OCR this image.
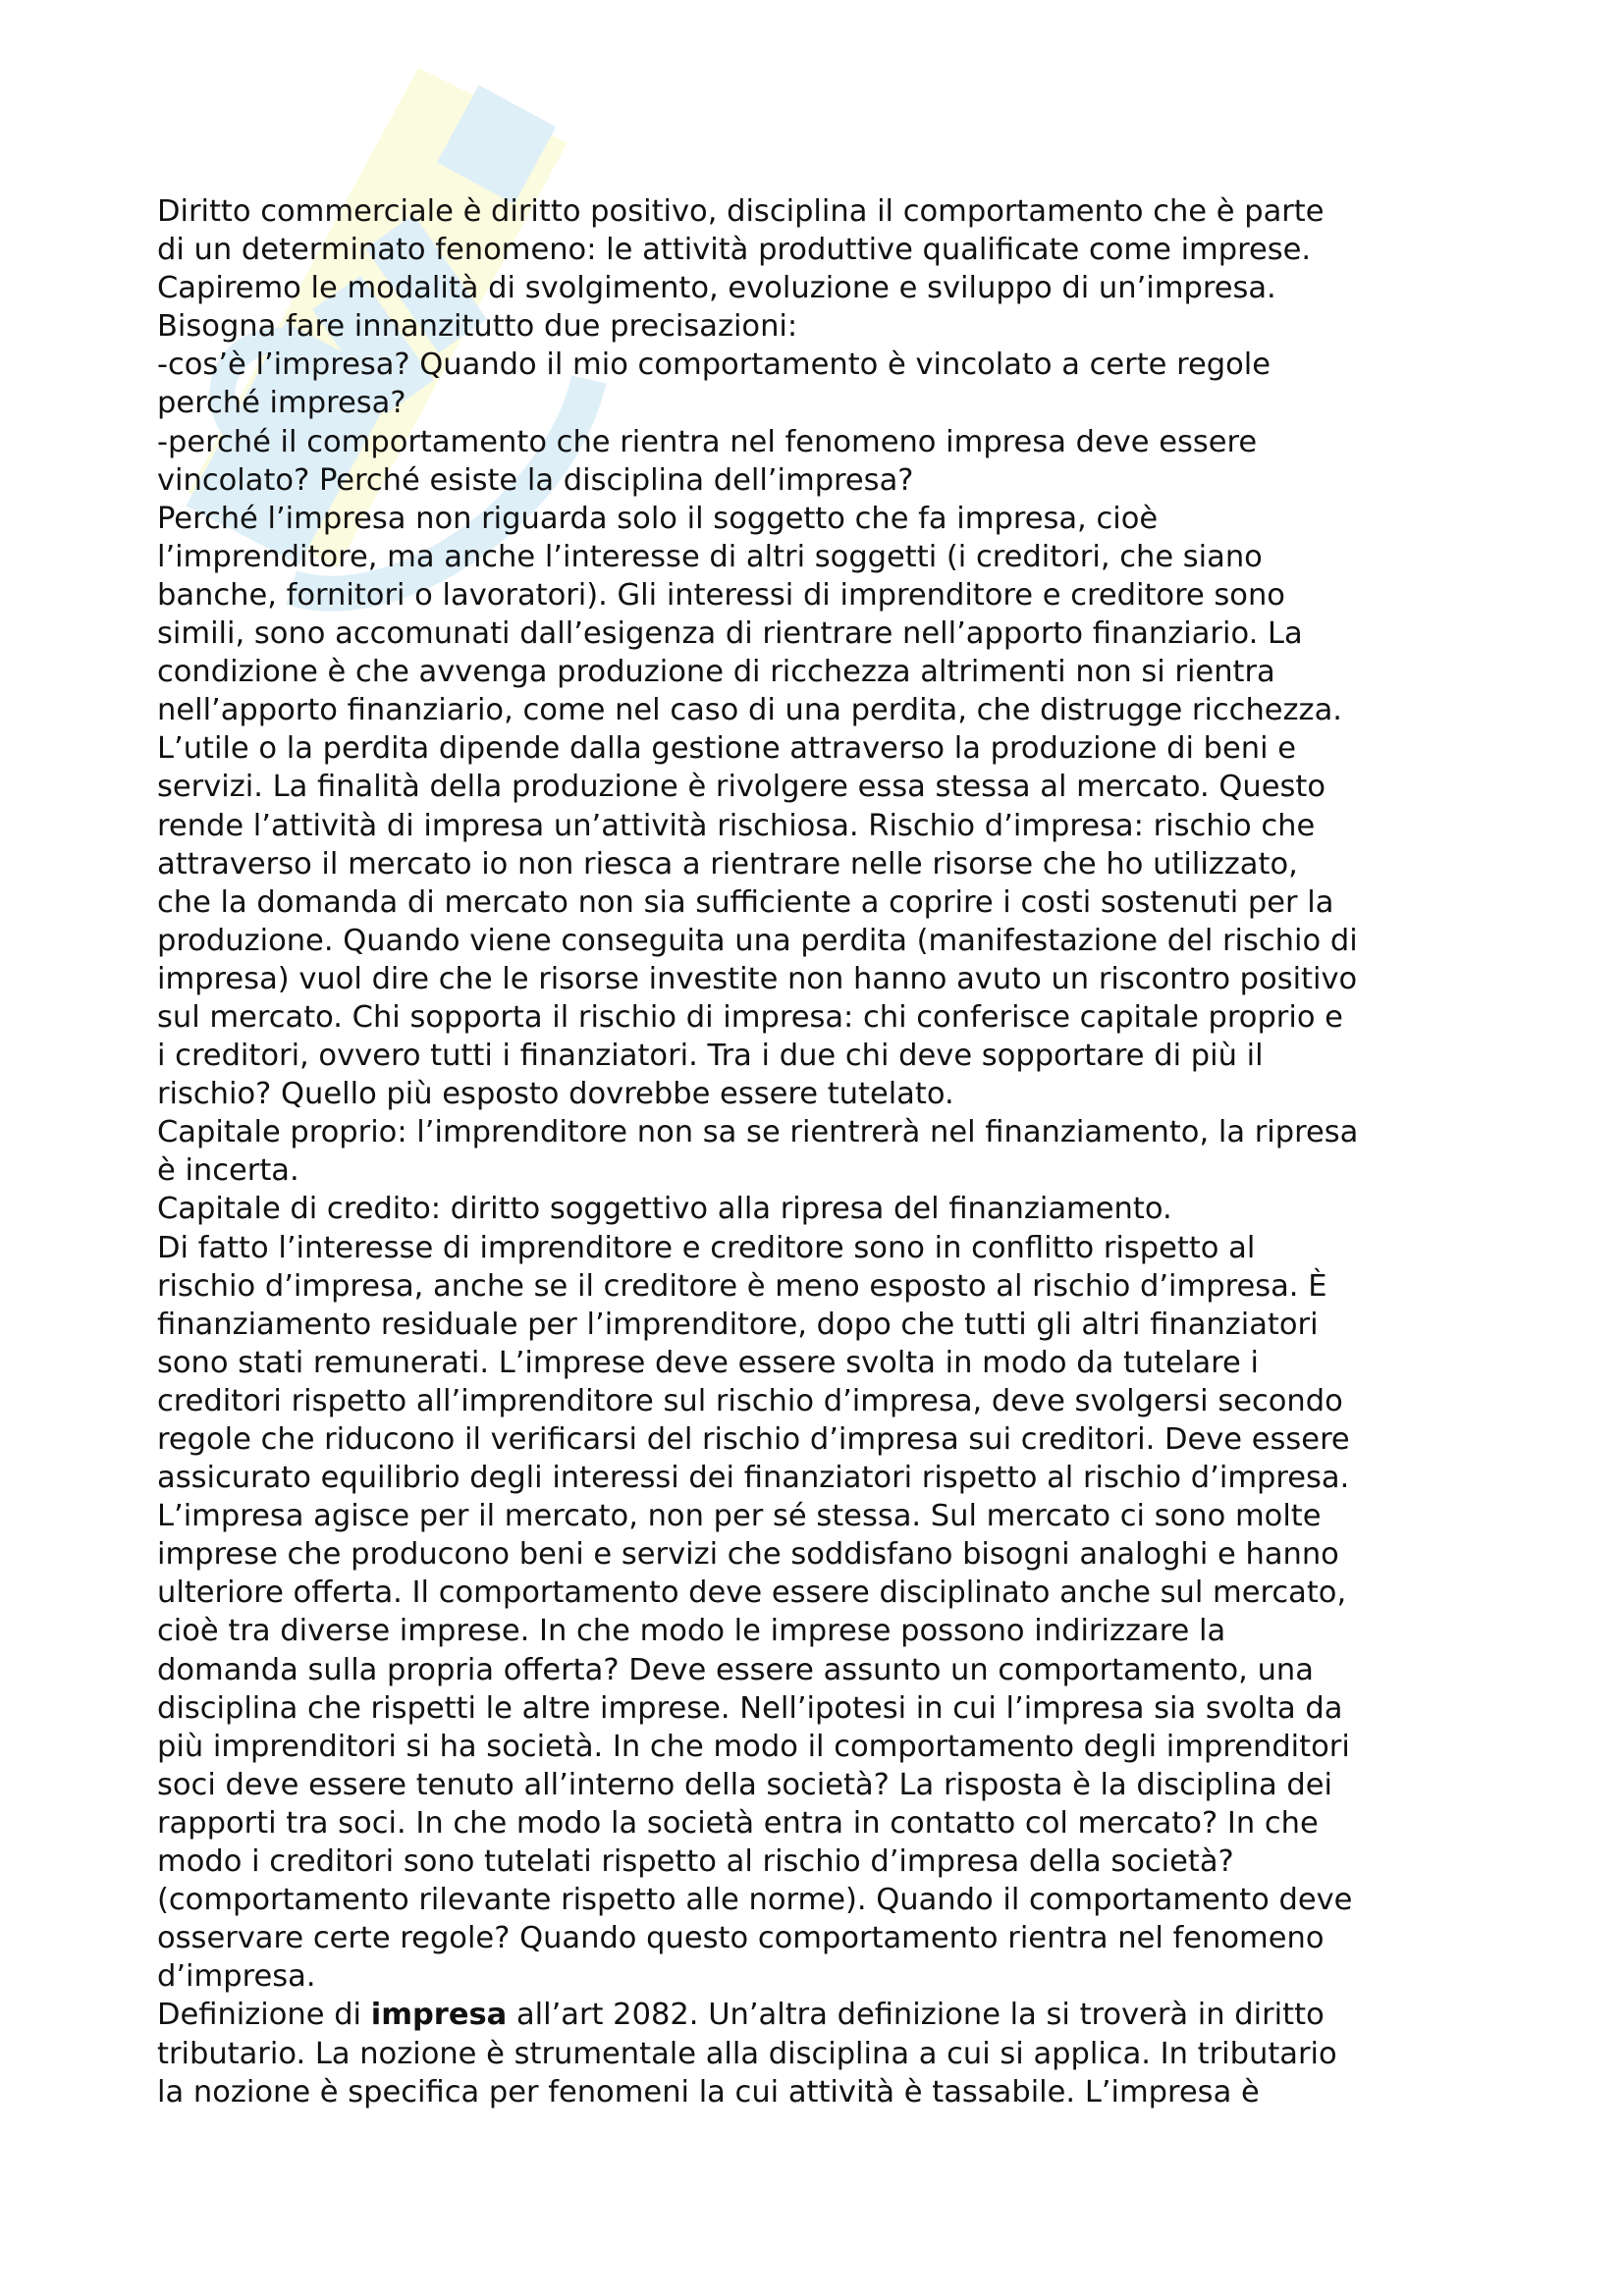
Diritto commerciale è diritto positivo, disciplina il comportamento che è parte
di un determinato fenomeno: le attività produttive qualificate come imprese.
Capiremo le modalità di svolgimento, evoluzione e sviluppo di un’impresa.
Bisogna fare innanzitutto due precisazioni:
-cos’è l’impresa? Quando il mio comportamento è vincolato a certe regole
perché impresa?
-perché il comportamento che rientra nel fenomeno impresa deve essere
vincolato? Perché esiste la disciplina dell’impresa?
Perché l’impresa non riguarda solo il soggetto che fa impresa, cioè
l’imprenditore, ma anche l’interesse di altri soggetti (i creditori, che siano
banche, fornitori o lavoratori). Gli interessi di imprenditore e creditore sono
simili, sono accomunati dall’esigenza di rientrare nell’apporto finanziario. La
condizione è che avvenga produzione di ricchezza altrimenti non si rientra
nell’apporto finanziario, come nel caso di una perdita, che distrugge ricchezza.
L’utile o la perdita dipende dalla gestione attraverso la produzione di beni e
servizi. La finalità della produzione è rivolgere essa stessa al mercato. Questo
rende l’attività di impresa un’attività rischiosa. Rischio d’impresa: rischio che
attraverso il mercato io non riesca a rientrare nelle risorse che ho utilizzato,
che la domanda di mercato non sia sufficiente a coprire i costi sostenuti per la
produzione. Quando viene conseguita una perdita (manifestazione del rischio di
impresa) vuol dire che le risorse investite non hanno avuto un riscontro positivo
sul mercato. Chi sopporta il rischio di impresa: chi conferisce capitale proprio e
i creditori, ovvero tutti i finanziatori. Tra i due chi deve sopportare di più il
rischio? Quello più esposto dovrebbe essere tutelato.
Capitale proprio: l’imprenditore non sa se rientrerà nel finanziamento, la ripresa
è incerta.
Capitale di credito: diritto soggettivo alla ripresa del finanziamento.
Di fatto l’interesse di imprenditore e creditore sono in conflitto rispetto al
rischio d’impresa, anche se il creditore è meno esposto al rischio d’impresa. È
finanziamento residuale per l’imprenditore, dopo che tutti gli altri finanziatori
sono stati remunerati. L’imprese deve essere svolta in modo da tutelare i
creditori rispetto all’imprenditore sul rischio d’impresa, deve svolgersi secondo
regole che riducono il verificarsi del rischio d’impresa sui creditori. Deve essere
assicurato equilibrio degli interessi dei finanziatori rispetto al rischio d’impresa.
L’impresa agisce per il mercato, non per sé stessa. Sul mercato ci sono molte
imprese che producono beni e servizi che soddisfano bisogni analoghi e hanno
ulteriore offerta. Il comportamento deve essere disciplinato anche sul mercato,
cioè tra diverse imprese. In che modo le imprese possono indirizzare la
domanda sulla propria offerta? Deve essere assunto un comportamento, una
disciplina che rispetti le altre imprese. Nell’ipotesi in cui l’impresa sia svolta da
più imprenditori si ha società. In che modo il comportamento degli imprenditori
soci deve essere tenuto all’interno della società? La risposta è la disciplina dei
rapporti tra soci. In che modo la società entra in contatto col mercato? In che
modo i creditori sono tutelati rispetto al rischio d’impresa della società?
(comportamento rilevante rispetto alle norme). Quando il comportamento deve
osservare certe regole? Quando questo comportamento rientra nel fenomeno
d’impresa.
Definizione di impresa all’art 2082. Un’altra definizione la si troverà in diritto
tributario. La nozione è strumentale alla disciplina a cui si applica. In tributario
la nozione è specifica per fenomeni la cui attività è tassabile. L’impresa è
